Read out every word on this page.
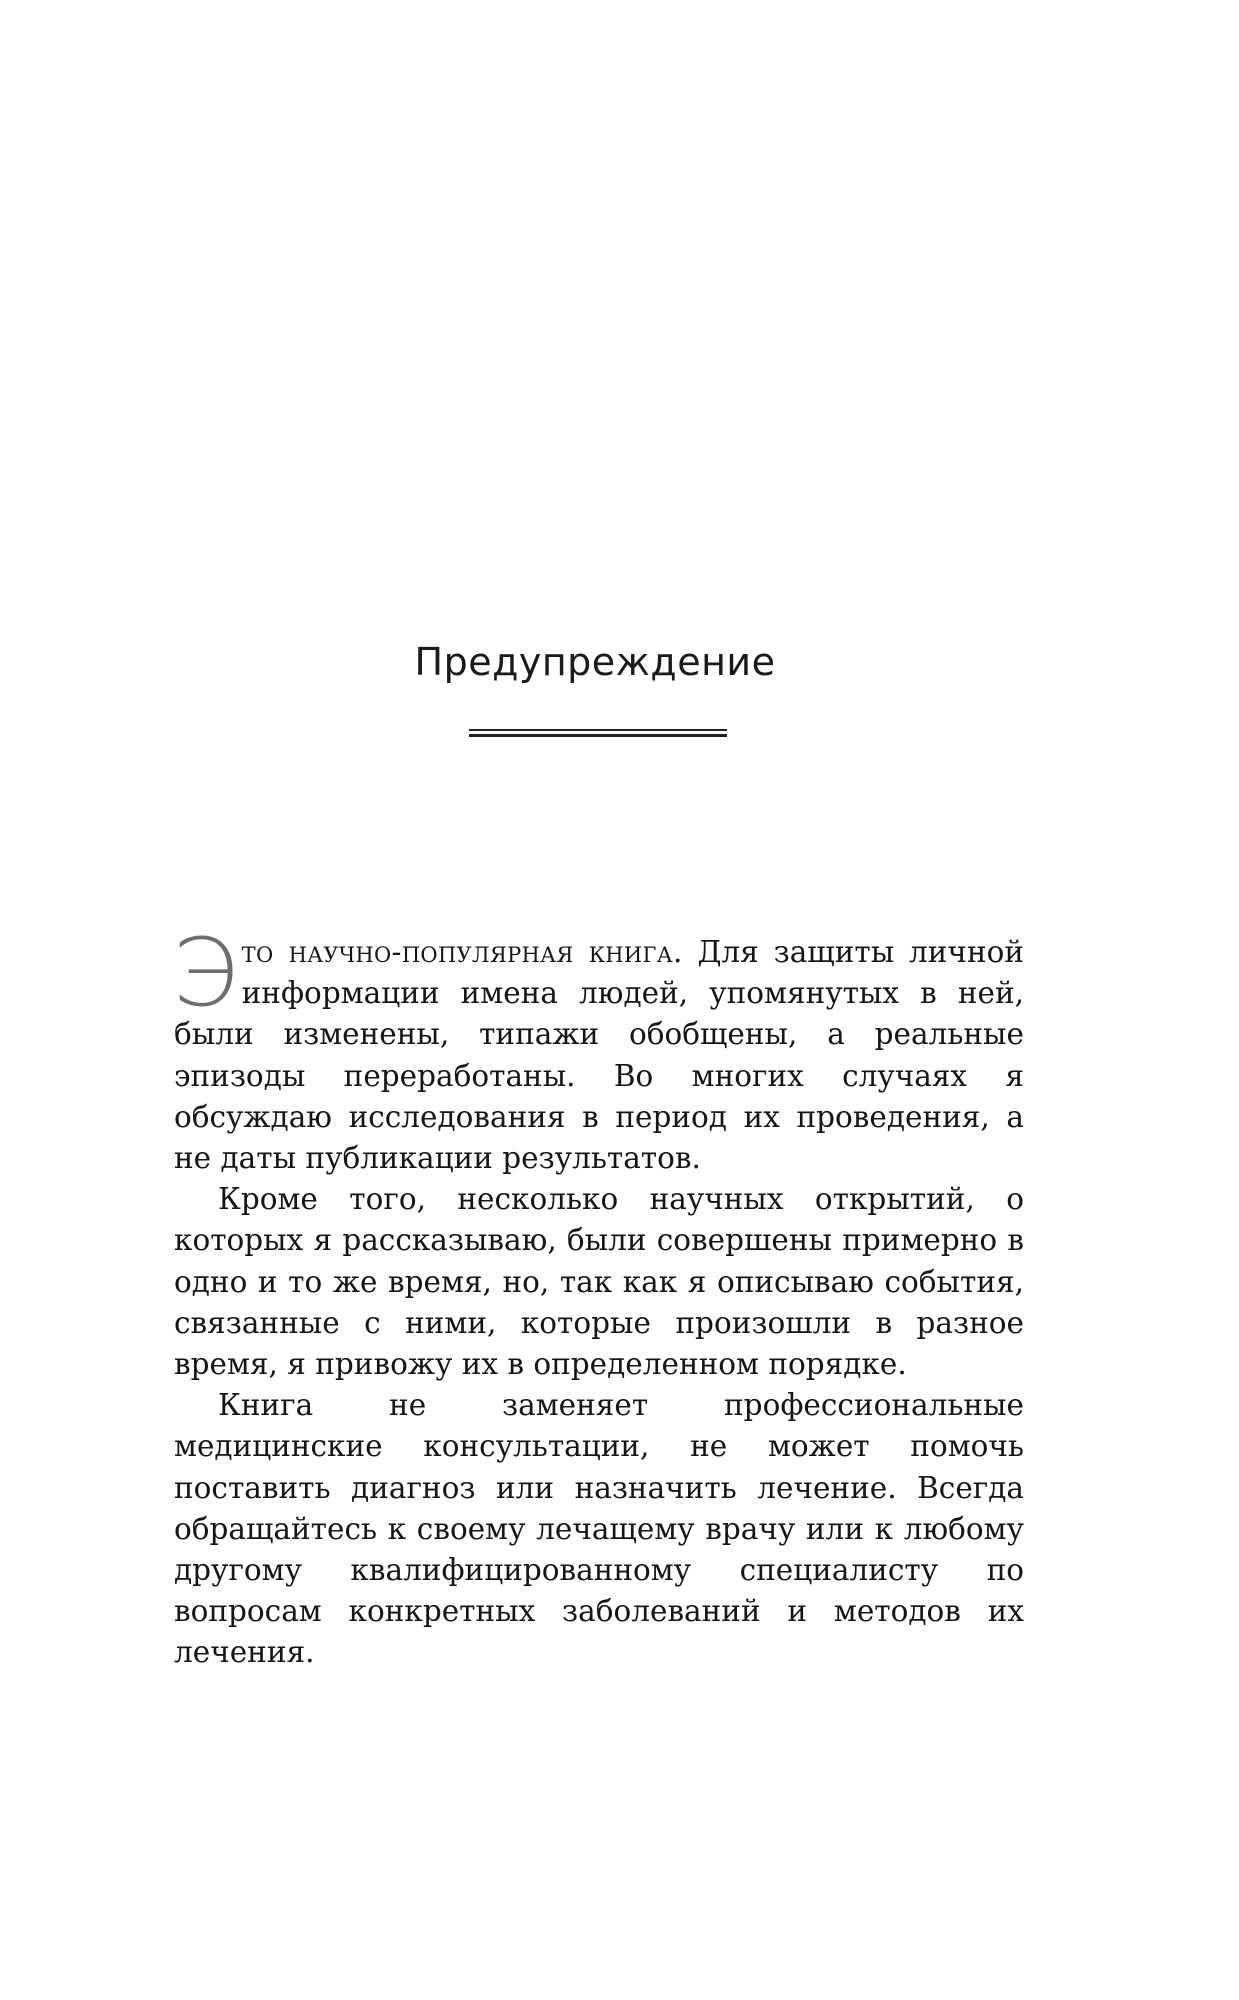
Предупреждение

Это научно-популярная книга. Для защиты личной информации имена людей, упомянутых в ней, были изменены, типажи обобщены, а реальные эпизоды переработаны. Во многих случаях я обсуждаю исследования в период их проведения, а не даты публикации результатов.

Кроме того, несколько научных открытий, о которых я рассказываю, были совершены примерно в одно и то же время, но, так как я описываю события, связанные с ними, которые произошли в разное время, я привожу их в определенном порядке.

Книга не заменяет профессиональные медицинские консультации, не может помочь поставить диагноз или назначить лечение. Всегда обращайтесь к своему лечащему врачу или к любому другому квалифицированному специалисту по вопросам конкретных заболеваний и методов их лечения.
